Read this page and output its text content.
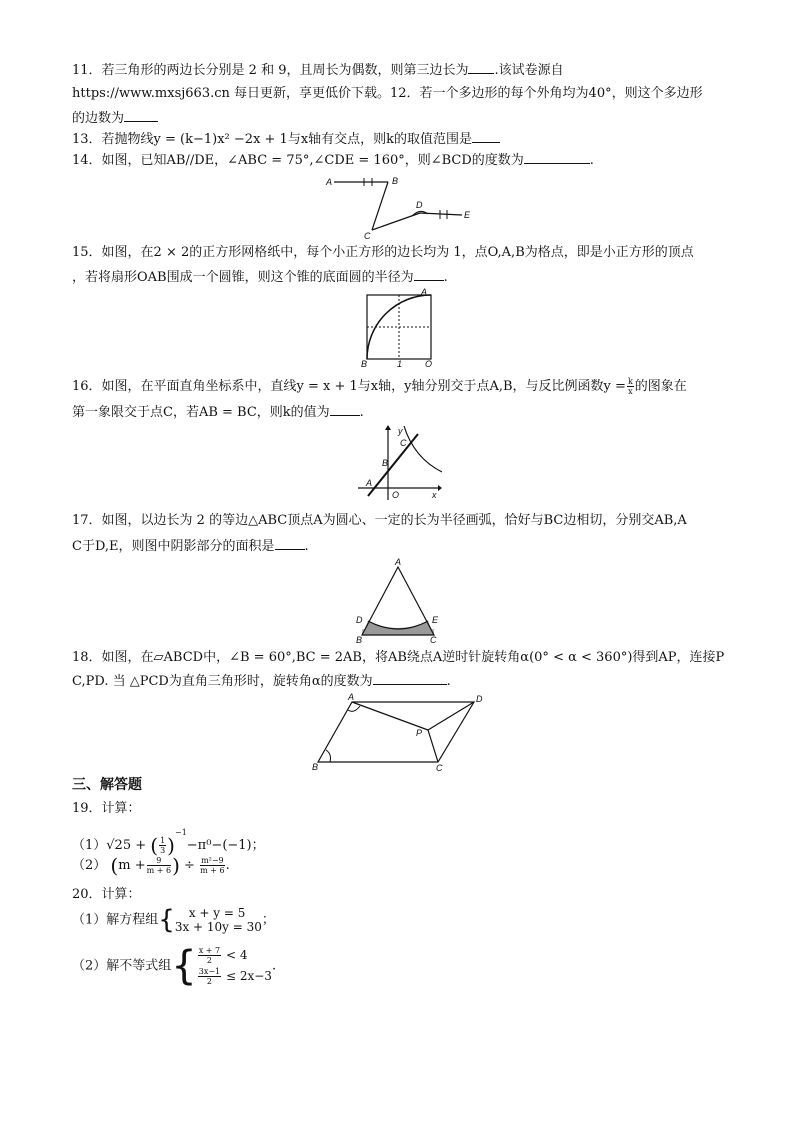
11．若三角形的两边长分别是 2 和 9，且周长为偶数，则第三边长为 .该试卷源自
https://www.mxsj663.cn 每日更新，享更低价下载。12．若一个多边形的每个外角均为40°，则这个多边形
的边数为
13．若抛物线y = (k−1)x² −2x + 1与x轴有交点，则k的取值范围是
14．如图，已知AB//DE，∠ABC = 75°,∠CDE = 160°，则∠BCD的度数为	.
A	B
C
D
E
15．如图，在2 × 2的正方形网格纸中，每个小正方形的边长均为 1，点O,A,B为格点，即是小正方形的顶点
，若将扇形OAB围成一个圆锥，则这个锥的底面圆的半径为 .
A
B	1	O
16．如图，在平面直角坐标系中，直线y = x + 1与x轴，y轴分别交于点A,B，与反比例函数$y = \frac{k}{x}$ 的图象在
第一象限交于点C，若AB = BC，则k的值为 .
y
C
B
A
O	x
17．如图，以边长为 2 的等边△ABC顶点A为圆心、一定的长为半径画弧，恰好与BC边相切，分别交AB,A
C于D,E，则图中阴影部分的面积是 .
A
D	E
B	C
18．如图，在▱ABCD中，∠B = 60°,BC = 2AB，将AB绕点A逆时针旋转角α(0° < α < 360°)得到AP，连接P
C,PD. 当 △PCD为直角三角形时，旋转角α的度数为	.
A	D
P
B	C
三、解答题
19．计算：
（1）√25 + ( $\frac{1}{3} )^{-1}-\pi^0-(-1)$；
（2） ($m + \frac{9}{m + 6}$ ) ÷ $\frac{\text{m²−9}}{m + 6}$ .
20．计算：
（1）解方程组{	x + y = 5
3x + 10y = 30 ；
（2）解不等式组{ $\frac{x + 7}{2} < 4$
$\frac{3x-1}{2} \le 2x-3$
.
